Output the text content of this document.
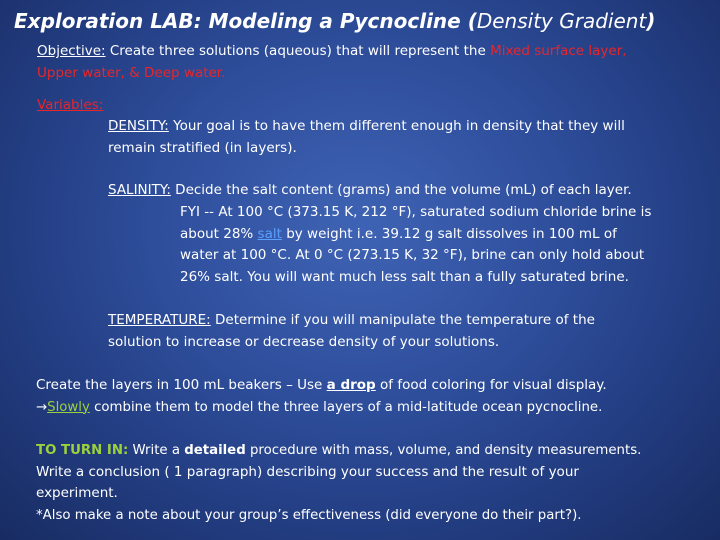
Exploration LAB: Modeling a Pycnocline (Density Gradient)
Objective: Create three solutions (aqueous) that will represent the Mixed surface layer,
Upper water, & Deep water.
Variables:
DENSITY: Your goal is to have them different enough in density that they will
remain stratified (in layers).
SALINITY: Decide the salt content (grams) and the volume (mL) of each layer.
FYI -- At 100 °C (373.15 K, 212 °F), saturated sodium chloride brine is
about 28% salt by weight i.e. 39.12 g salt dissolves in 100 mL of
water at 100 °C. At 0 °C (273.15 K, 32 °F), brine can only hold about
26% salt. You will want much less salt than a fully saturated brine.
TEMPERATURE: Determine if you will manipulate the temperature of the
solution to increase or decrease density of your solutions.
Create the layers in 100 mL beakers – Use a drop of food coloring for visual display.
→Slowly combine them to model the three layers of a mid-latitude ocean pycnocline.
TO TURN IN: Write a detailed procedure with mass, volume, and density measurements.
Write a conclusion ( 1 paragraph) describing your success and the result of your
experiment.
*Also make a note about your group’s effectiveness (did everyone do their part?).
